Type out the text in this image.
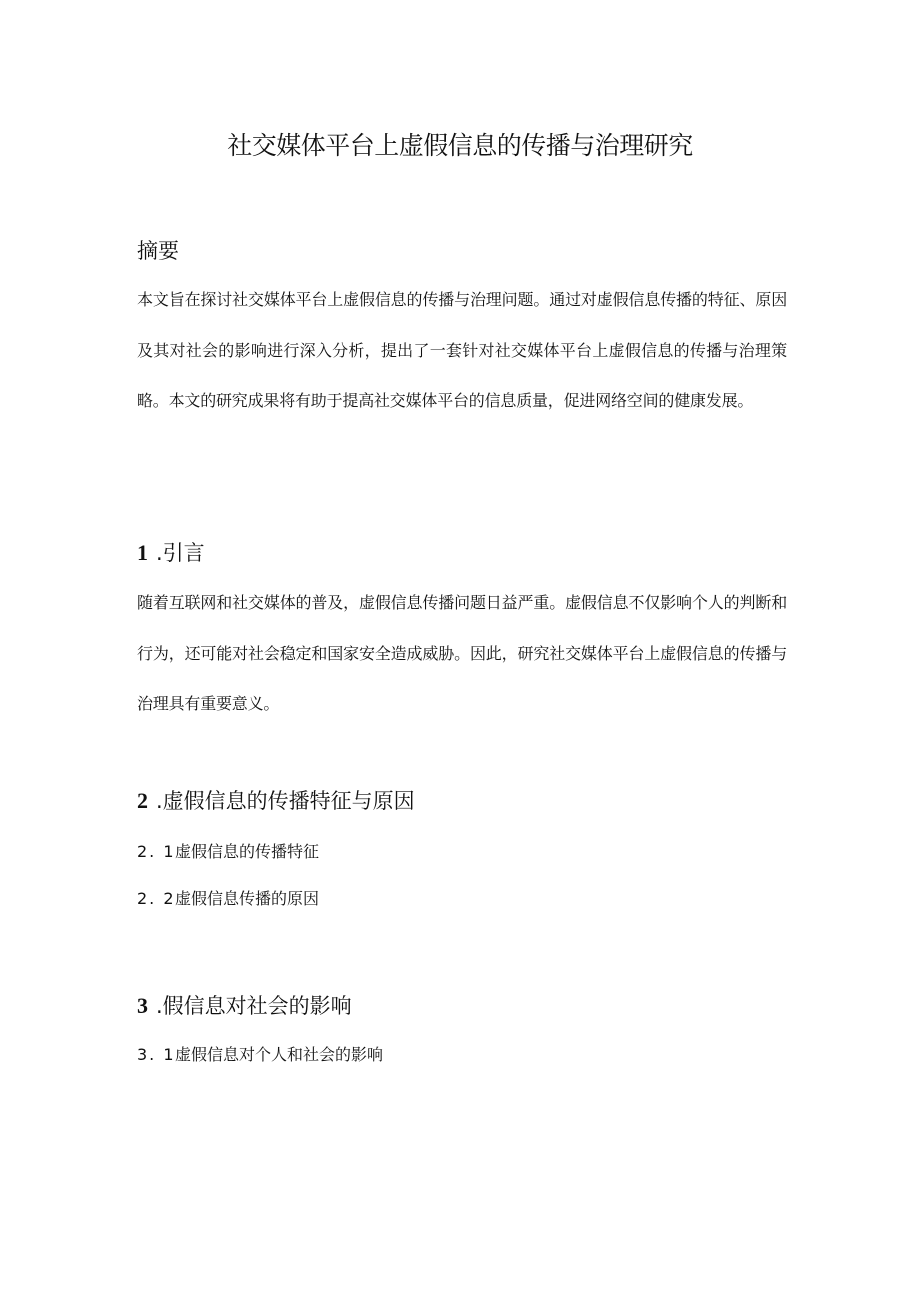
社交媒体平台上虚假信息的传播与治理研究
摘要

本文旨在探讨社交媒体平台上虚假信息的传播与治理问题。通过对虚假信息传播的特征、原因及其对社会的影响进行深入分析，提出了一套针对社交媒体平台上虚假信息的传播与治理策略。本文的研究成果将有助于提高社交媒体平台的信息质量，促进网络空间的健康发展。

1 .引言

随着互联网和社交媒体的普及，虚假信息传播问题日益严重。虚假信息不仅影响个人的判断和行为，还可能对社会稳定和国家安全造成威胁。因此，研究社交媒体平台上虚假信息的传播与治理具有重要意义。

2 .虚假信息的传播特征与原因

2. 1虚假信息的传播特征

2. 2虚假信息传播的原因

3 .假信息对社会的影响

3. 1虚假信息对个人和社会的影响
